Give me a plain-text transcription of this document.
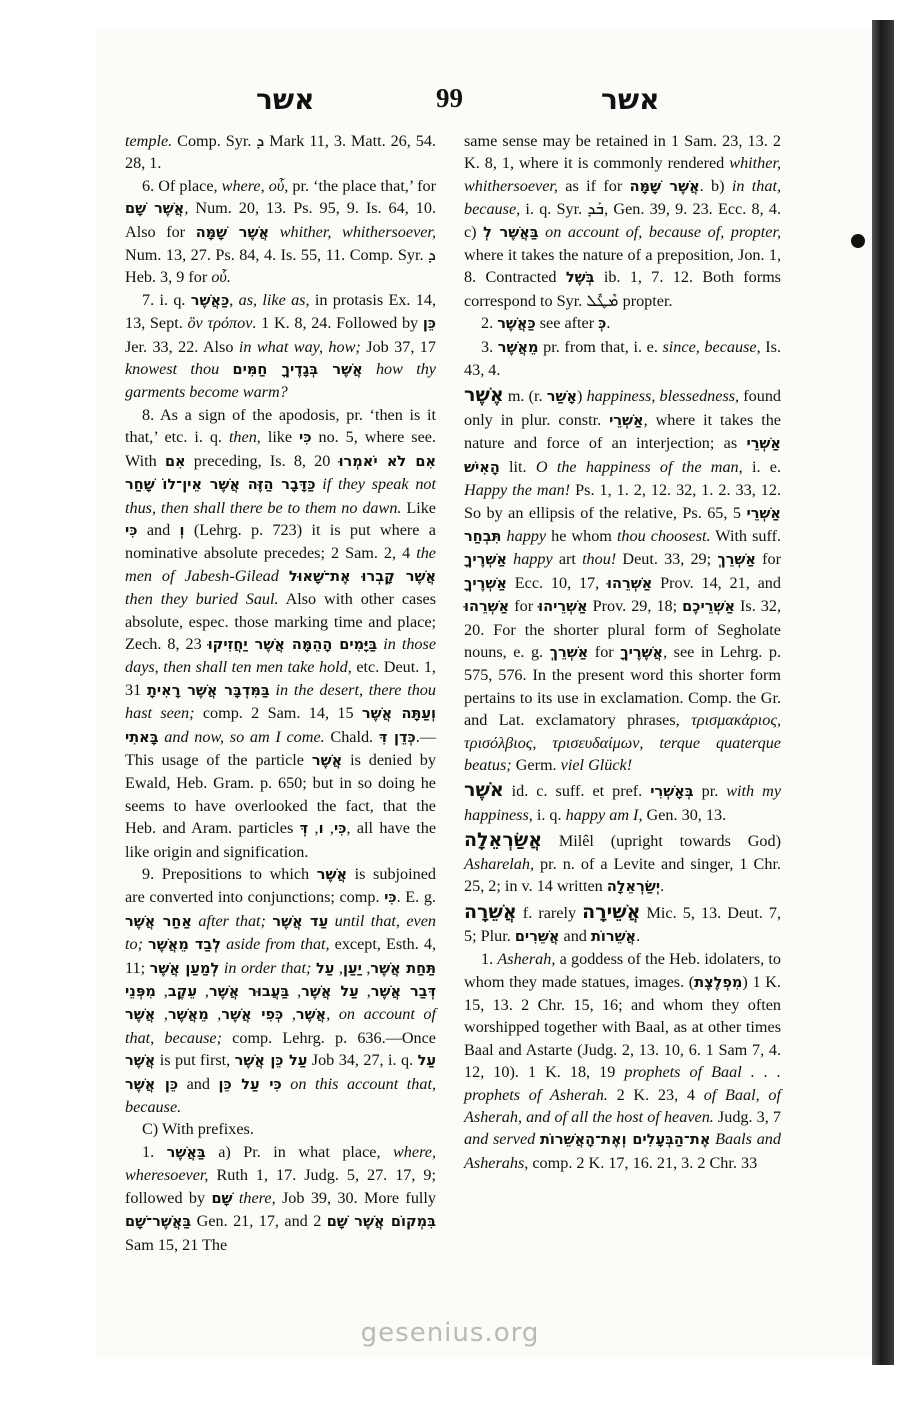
אשר	99	אשר

temple. Comp. Syr. ܕ Mark 11, 3. Matt. 26, 54. 28, 1.

6. Of place, where, οὗ, pr. ‘the place that,’ for אֲשֶׁר שָׁם, Num. 20, 13. Ps. 95, 9. Is. 64, 10. Also for אֲשֶׁר שָׁמָּה whither, whithersoever, Num. 13, 27. Ps. 84, 4. Is. 55, 11. Comp. Syr. ܕ Heb. 3, 9 for οὗ.

7. i. q. כַּאֲשֶׁר, as, like as, in protasis Ex. 14, 13, Sept. ὃν τρόπον. 1 K. 8, 24. Followed by כֵּן Jer. 33, 22. Also in what way, how; Job 37, 17 knowest thou אֲשֶׁר בְּגָדֶיךָ חַמִּים how thy garments become warm?

8. As a sign of the apodosis, pr. ‘then is it that,’ etc. i. q. then, like כִּי no. 5, where see. With אִם preceding, Is. 8, 20 אִם לֹא יֹאמְרוּ כַּדָּבָר הַזֶּה אֲשֶׁר אֵין־לוֹ שָׁחַר if they speak not thus, then shall there be to them no dawn. Like כִּי and וְ (Lehrg. p. 723) it is put where a nominative absolute precedes; 2 Sam. 2, 4 the men of Jabesh-Gilead אֲשֶׁר קָבְרוּ אֶת־שָׁאוּל then they buried Saul. Also with other cases absolute, espec. those marking time and place; Zech. 8, 23 בַּיָּמִים הָהֵמָּה אֲשֶׁר יַחֲזִיקוּ in those days, then shall ten men take hold, etc. Deut. 1, 31 בַּמִּדְבָּר אֲשֶׁר רָאִיתָ in the desert, there thou hast seen; comp. 2 Sam. 14, 15 וְעַתָּה אֲשֶׁר בָּאתִי and now, so am I come. Chald. כְּדֵן דִּ.— This usage of the particle אֲשֶׁר is denied by Ewald, Heb. Gram. p. 650; but in so doing he seems to have overlooked the fact, that the Heb. and Aram. particles כִּי, ו, דְּ , all have the like origin and signification.

9. Prepositions to which אֲשֶׁר is subjoined are converted into conjunctions; comp. כִּי. E. g. אַחַר אֲשֶׁר after that; עַד אֲשֶׁר until that, even to; לְבַד מֵאֲשֶׁר aside from that, except, Esth. 4, 11; לְמַעַן אֲשֶׁר in order that;	תַּחַת אֲשֶׁר, יַעַן, עַל דְּבַר אֲשֶׁר, עַל אֲשֶׁר, בַּעֲבוּר אֲשֶׁר, עֵקֶב, מִפְּנֵי אֲשֶׁר, כְּפִי אֲשֶׁר, מֵאֲשֶׁר, אֲשֶׁר	, on account of that, because; comp. Lehrg. p. 636.—Once אֲשֶׁר is put first, עַל כֵּן אֲשֶׁר Job 34, 27, i. q. עַל כֵּן אֲשֶׁר and כִּי עַל כֵּן on this account that, because.

C) With prefixes.

1. בַּאֲשֶׁר a) Pr. in what place, where, wheresoever, Ruth 1, 17. Judg. 5, 27. 17, 9; followed by שָׁם there, Job 39, 30. More fully בַּאֲשֶׁר־שָׁם Gen. 21, 17, and בִּמְקוֹם אֲשֶׁר שָׁם 2 Sam 15, 21 The

same sense may be retained in 1 Sam. 23, 13. 2 K. 8, 1, where it is commonly rendered whither, whithersoever, as if for אֲשֶׁר שָׁמָּה. b) in that, because, i. q. Syr. ܒܰܕ, Gen. 39, 9. 23. Ecc. 8, 4. c) בַּאֲשֶׁר לְ on account of, because of, propter, where it takes the nature of a preposition, Jon. 1, 8. Contracted בְּשֶׁל ib. 1, 7. 12. Both forms correspond to Syr. ܡܶܛܽܠ propter.

2. כַּאֲשֶׁר see after כְּ.

3. מֵאֲשֶׁר pr. from that, i. e. since, because, Is. 43, 4.

אֶשֶׁר m. (r. אָשַׁר) happiness, blessedness, found only in plur. constr. אַשְׁרֵי, where it takes the nature and force of an interjection; as אַשְׁרֵי הָאִישׁ lit. O the happiness of the man, i. e. Happy the man! Ps. 1, 1. 2, 12. 32, 1. 2. 33, 12. So by an ellipsis of the relative, Ps. 65, 5 אַשְׁרֵי תִּבְחַר happy he whom thou choosest. With suff. אַשְׁרֶיךָ happy art thou! Deut. 33, 29; אַשְׁרֵךְ for אַשְׁרֶיךָ Ecc. 10, 17, אַשְׁרֵהוּ Prov. 14, 21, and אַשְׁרֵהוּ for אַשְׁרֵיהוּ Prov. 29, 18; אַשְׁרֵיכֶם Is. 32, 20. For the shorter plural form of Segholate nouns, e. g. אַשְׁרֵךְ for אֲשֶׁרֶיךָ, see in Lehrg. p. 575, 576. In the present word this shorter form pertains to its use in exclamation. Comp. the Gr. and Lat. exclamatory phrases, τρισμακάριος, τρισόλβιος, τρισευδαίμων, terque quaterque beatus; Germ. viel Glück!

אֹשֶׁר id. c. suff. et pref. בְּאָשְׁרִי pr. with my happiness, i. q. happy am I, Gen. 30, 13.

אֲשַׂרְאֵלָה Milêl (upright towards God) Asharelah, pr. n. of a Levite and singer, 1 Chr. 25, 2; in v. 14 written יְשַׂרְאֵלָה.

אֲשֵׁרָה f. rarely אֲשֵׁירָה Mic. 5, 13. Deut. 7, 5; Plur. אֲשֵׁרִים and אֲשֵׁרוֹת.

1. Asherah, a goddess of the Heb. idolaters, to whom they made statues, images. (מִפְלֶצֶת) 1 K. 15, 13. 2 Chr. 15, 16; and whom they often worshipped together with Baal, as at other times Baal and Astarte (Judg. 2, 13. 10, 6. 1 Sam 7, 4. 12, 10). 1 K. 18, 19 prophets of Baal . . . prophets of Asherah. 2 K. 23, 4 of Baal, of Asherah, and of all the host of heaven. Judg. 3, 7 and served אֶת־הַבְּעָלִים וְאֶת־הָאֲשֵׁרוֹת Baals and Asherahs, comp. 2 K. 17, 16. 21, 3. 2 Chr. 33

gesenius.org
